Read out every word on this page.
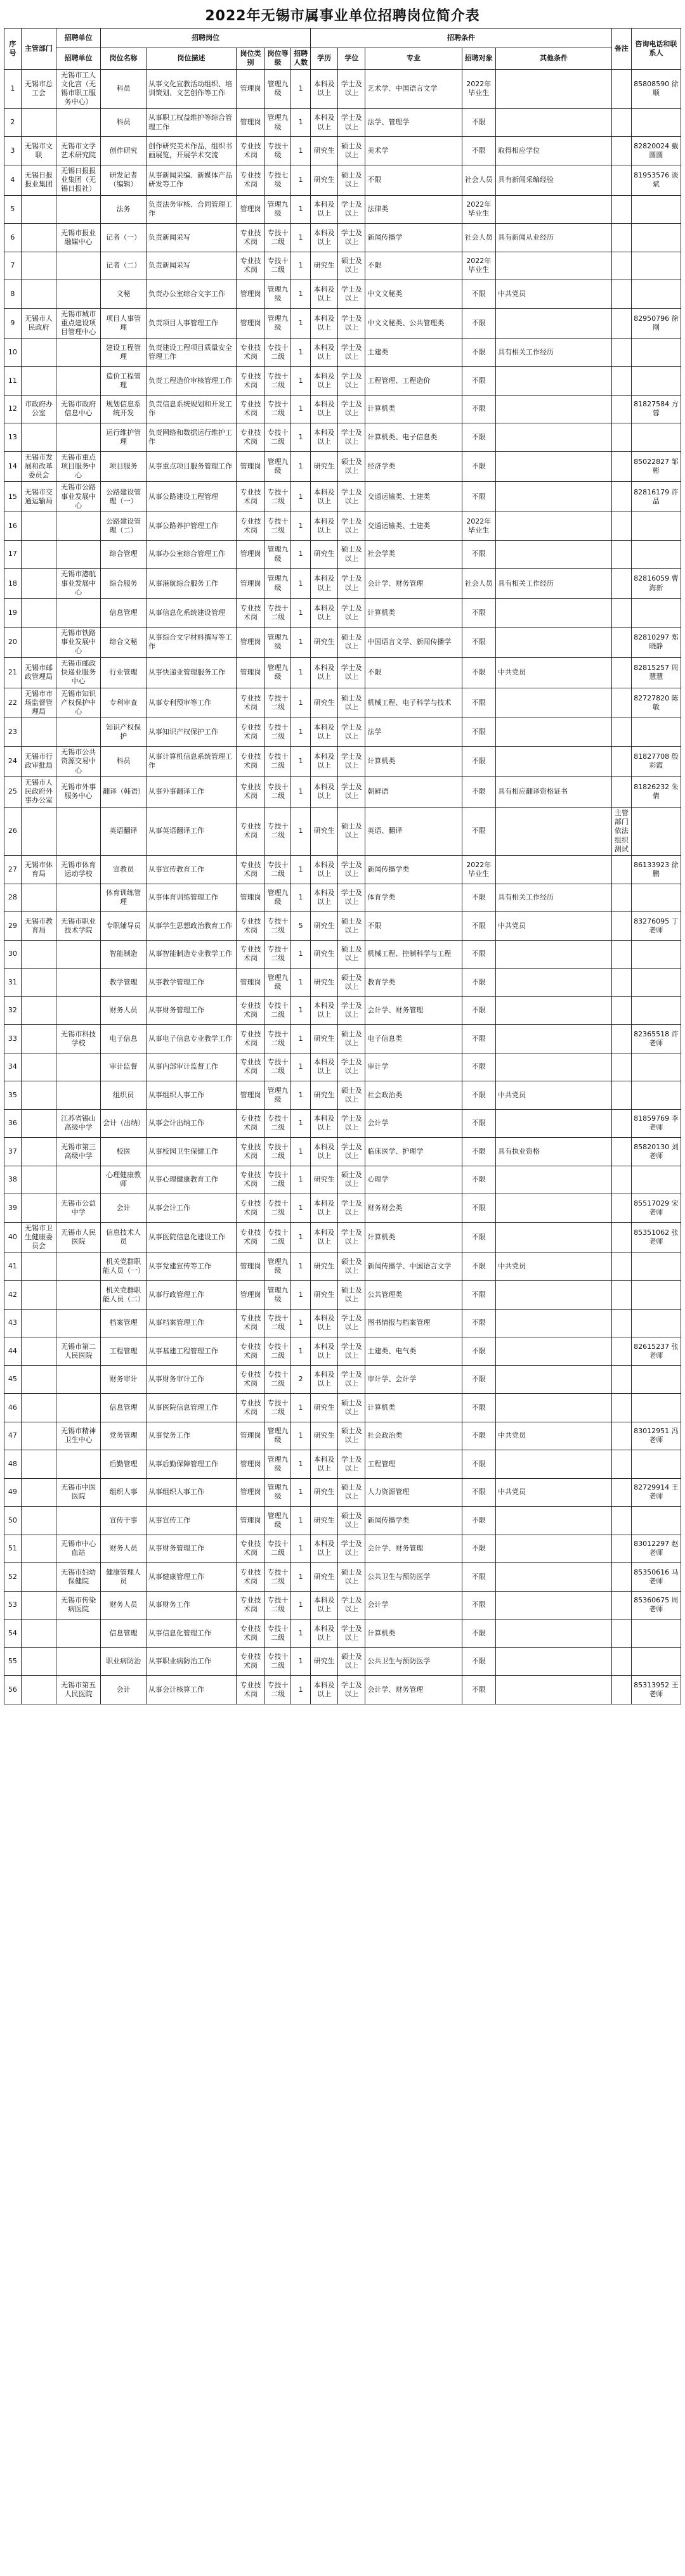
2022年无锡市属事业单位招聘岗位简介表
序号	主管部门	招聘单位	招聘岗位					招聘条件					备注	咨询电话和联系人
		招聘单位	岗位名称	岗位描述	岗位类别	岗位等级	招聘人数	学历	学位	专业	招聘对象	其他条件		
1	无锡市总工会	无锡市工人文化宫（无锡市职工服务中心）	科员	从事文化宣教活动组织、培训策划、文艺创作等工作	管理岗	管理九级	1	本科及以上	学士及以上	艺术学、中国语言文学	2022年毕业生			85808590 徐顺
2			科员	从事职工权益维护等综合管理工作	管理岗	管理九级	1	本科及以上	学士及以上	法学、管理学	不限			
3	无锡市文联	无锡市文学艺术研究院	创作研究	创作研究美术作品，组织书画展览，开展学术交流	专业技术岗	专技十级	1	研究生	硕士及以上	美术学	不限	取得相应学位		82820024 戴圆圆
4	无锡日报报业集团	无锡日报报业集团（无锡日报社）	研发记者（编辑）	从事新闻采编、新媒体产品研发等工作	专业技术岗	专技七级	1	研究生	硕士及以上	不限	社会人员	具有新闻采编经验		81953576 谈斌
5			法务	负责法务审核、合同管理工作	管理岗	管理九级	1	本科及以上	学士及以上	法律类	2022年毕业生			
6		无锡市报业融媒中心	记者（一）	负责新闻采写	专业技术岗	专技十二级	1	本科及以上	学士及以上	新闻传播学	社会人员	具有新闻从业经历		
7			记者（二）	负责新闻采写	专业技术岗	专技十二级	1	研究生	硕士及以上	不限	2022年毕业生			
8			文秘	负责办公室综合文字工作	管理岗	管理九级	1	本科及以上	学士及以上	中文文秘类	不限	中共党员		
9	无锡市人民政府	无锡市城市重点建设项目管理中心	项目人事管理	负责项目人事管理工作	管理岗	管理九级	1	本科及以上	学士及以上	中文文秘类、公共管理类	不限			82950796 徐刚
10			建设工程管理	负责建设工程项目质量安全管理工作	专业技术岗	专技十二级	1	本科及以上	学士及以上	土建类	不限	具有相关工作经历		
11			造价工程管理	负责工程造价审核管理工作	专业技术岗	专技十二级	1	本科及以上	学士及以上	工程管理、工程造价	不限			
12	市政府办公室	无锡市政府信息中心	规划信息系统开发	负责信息系统规划和开发工作	专业技术岗	专技十二级	1	本科及以上	学士及以上	计算机类	不限			81827584 方蓉
13			运行维护管理	负责网络和数据运行维护工作	专业技术岗	专技十二级	1	本科及以上	学士及以上	计算机类、电子信息类	不限			
14	无锡市发展和改革委员会	无锡市重点项目服务中心	项目服务	从事重点项目服务管理工作	管理岗	管理九级	1	研究生	硕士及以上	经济学类	不限			85022827 邹彬
15	无锡市交通运输局	无锡市公路事业发展中心	公路建设管理（一）	从事公路建设工程管理	专业技术岗	专技十二级	1	本科及以上	学士及以上	交通运输类、土建类	不限			82816179 许晶
16			公路建设管理（二）	从事公路养护管理工作	专业技术岗	专技十二级	1	本科及以上	学士及以上	交通运输类、土建类	2022年毕业生			
17			综合管理	从事办公室综合管理工作	管理岗	管理九级	1	研究生	硕士及以上	社会学类	不限			
18		无锡市港航事业发展中心	综合服务	从事港航综合服务工作	管理岗	管理九级	1	本科及以上	学士及以上	会计学、财务管理	社会人员	具有相关工作经历		82816059 曹海新
19			信息管理	从事信息化系统建设管理	专业技术岗	专技十二级	1	本科及以上	学士及以上	计算机类	不限			
20		无锡市铁路事业发展中心	综合文秘	从事综合文字材料撰写等工作	管理岗	管理九级	1	研究生	硕士及以上	中国语言文学、新闻传播学	不限			82810297 郑晓静
21	无锡市邮政管理局	无锡市邮政快递业服务中心	行业管理	从事快递业管理服务工作	管理岗	管理九级	1	本科及以上	学士及以上	不限	不限	中共党员		82815257 周慧慧
22	无锡市市场监督管理局	无锡市知识产权保护中心	专利审查	从事专利预审等工作	专业技术岗	专技十二级	1	研究生	硕士及以上	机械工程、电子科学与技术	不限			82727820 陈敏
23			知识产权保护	从事知识产权保护工作	专业技术岗	专技十二级	1	本科及以上	学士及以上	法学	不限			
24	无锡市行政审批局	无锡市公共资源交易中心	科员	从事计算机信息系统管理工作	专业技术岗	专技十二级	1	本科及以上	学士及以上	计算机类	不限			81827708 殷彩霞
25	无锡市人民政府外事办公室	无锡市外事服务中心	翻译（韩语）	从事外事翻译工作	专业技术岗	专技十二级	1	本科及以上	学士及以上	朝鲜语	不限	具有相应翻译资格证书		81826232 朱倩
26			英语翻译	从事英语翻译工作	专业技术岗	专技十二级	1	研究生	硕士及以上	英语、翻译	不限		主管部门依法组织测试	
27	无锡市体育局	无锡市体育运动学校	宣教员	从事宣传教育工作	专业技术岗	专技十二级	1	本科及以上	学士及以上	新闻传播学类	2022年毕业生			86133923 徐鹏
28			体育训练管理	从事体育训练管理工作	管理岗	管理九级	1	本科及以上	学士及以上	体育学类	不限	具有相关工作经历		
29	无锡市教育局	无锡市职业技术学院	专职辅导员	从事学生思想政治教育工作	专业技术岗	专技十二级	5	研究生	硕士及以上	不限	不限	中共党员		83276095 丁老师
30			智能制造	从事智能制造专业教学工作	专业技术岗	专技十二级	1	研究生	硕士及以上	机械工程、控制科学与工程	不限			
31			教学管理	从事教学管理工作	管理岗	管理九级	1	研究生	硕士及以上	教育学类	不限			
32			财务人员	从事财务管理工作	专业技术岗	专技十二级	1	本科及以上	学士及以上	会计学、财务管理	不限			
33		无锡市科技学校	电子信息	从事电子信息专业教学工作	专业技术岗	专技十二级	1	研究生	硕士及以上	电子信息类	不限			82365518 许老师
34			审计监督	从事内部审计监督工作	专业技术岗	专技十二级	1	本科及以上	学士及以上	审计学	不限			
35			组织员	从事组织人事工作	管理岗	管理九级	1	研究生	硕士及以上	社会政治类	不限	中共党员		
36		江苏省锡山高级中学	会计（出纳）	从事会计出纳工作	专业技术岗	专技十二级	1	本科及以上	学士及以上	会计学	不限			81859769 李老师
37		无锡市第三高级中学	校医	从事校园卫生保健工作	专业技术岗	专技十二级	1	本科及以上	学士及以上	临床医学、护理学	不限	具有执业资格		85820130 刘老师
38			心理健康教师	从事心理健康教育工作	专业技术岗	专技十二级	1	研究生	硕士及以上	心理学	不限			
39		无锡市公益中学	会计	从事会计工作	专业技术岗	专技十二级	1	本科及以上	学士及以上	财务财会类	不限			85517029 宋老师
40	无锡市卫生健康委员会	无锡市人民医院	信息技术人员	从事医院信息化建设工作	专业技术岗	专技十二级	1	本科及以上	学士及以上	计算机类	不限			85351062 张老师
41			机关党群职能人员（一）	从事党建宣传等工作	管理岗	管理九级	1	研究生	硕士及以上	新闻传播学、中国语言文学	不限	中共党员		
42			机关党群职能人员（二）	从事行政管理工作	管理岗	管理九级	1	研究生	硕士及以上	公共管理类	不限			
43			档案管理	从事档案管理工作	专业技术岗	专技十二级	1	本科及以上	学士及以上	图书情报与档案管理	不限			
44		无锡市第二人民医院	工程管理	从事基建工程管理工作	专业技术岗	专技十二级	1	本科及以上	学士及以上	土建类、电气类	不限			82615237 张老师
45			财务审计	从事财务审计工作	专业技术岗	专技十二级	2	本科及以上	学士及以上	审计学、会计学	不限			
46			信息管理	从事医院信息管理工作	专业技术岗	专技十二级	1	研究生	硕士及以上	计算机类	不限			
47		无锡市精神卫生中心	党务管理	从事党务工作	管理岗	管理九级	1	研究生	硕士及以上	社会政治类	不限	中共党员		83012951 冯老师
48			后勤管理	从事后勤保障管理工作	管理岗	管理九级	1	本科及以上	学士及以上	工程管理	不限			
49		无锡市中医医院	组织人事	从事组织人事工作	管理岗	管理九级	1	研究生	硕士及以上	人力资源管理	不限	中共党员		82729914 王老师
50			宣传干事	从事宣传工作	管理岗	管理九级	1	研究生	硕士及以上	新闻传播学类	不限			
51		无锡市中心血站	财务人员	从事财务管理工作	专业技术岗	专技十二级	1	本科及以上	学士及以上	会计学、财务管理	不限			83012297 赵老师
52		无锡市妇幼保健院	健康管理人员	从事健康管理工作	专业技术岗	专技十二级	1	研究生	硕士及以上	公共卫生与预防医学	不限			85350616 马老师
53		无锡市传染病医院	财务人员	从事财务工作	专业技术岗	专技十二级	1	本科及以上	学士及以上	会计学	不限			85360675 周老师
54			信息管理	从事信息化管理工作	专业技术岗	专技十二级	1	本科及以上	学士及以上	计算机类	不限			
55			职业病防治	从事职业病防治工作	专业技术岗	专技十二级	1	研究生	硕士及以上	公共卫生与预防医学	不限			
56		无锡市第五人民医院	会计	从事会计核算工作	专业技术岗	专技十二级	1	本科及以上	学士及以上	会计学、财务管理	不限			85313952 王老师
